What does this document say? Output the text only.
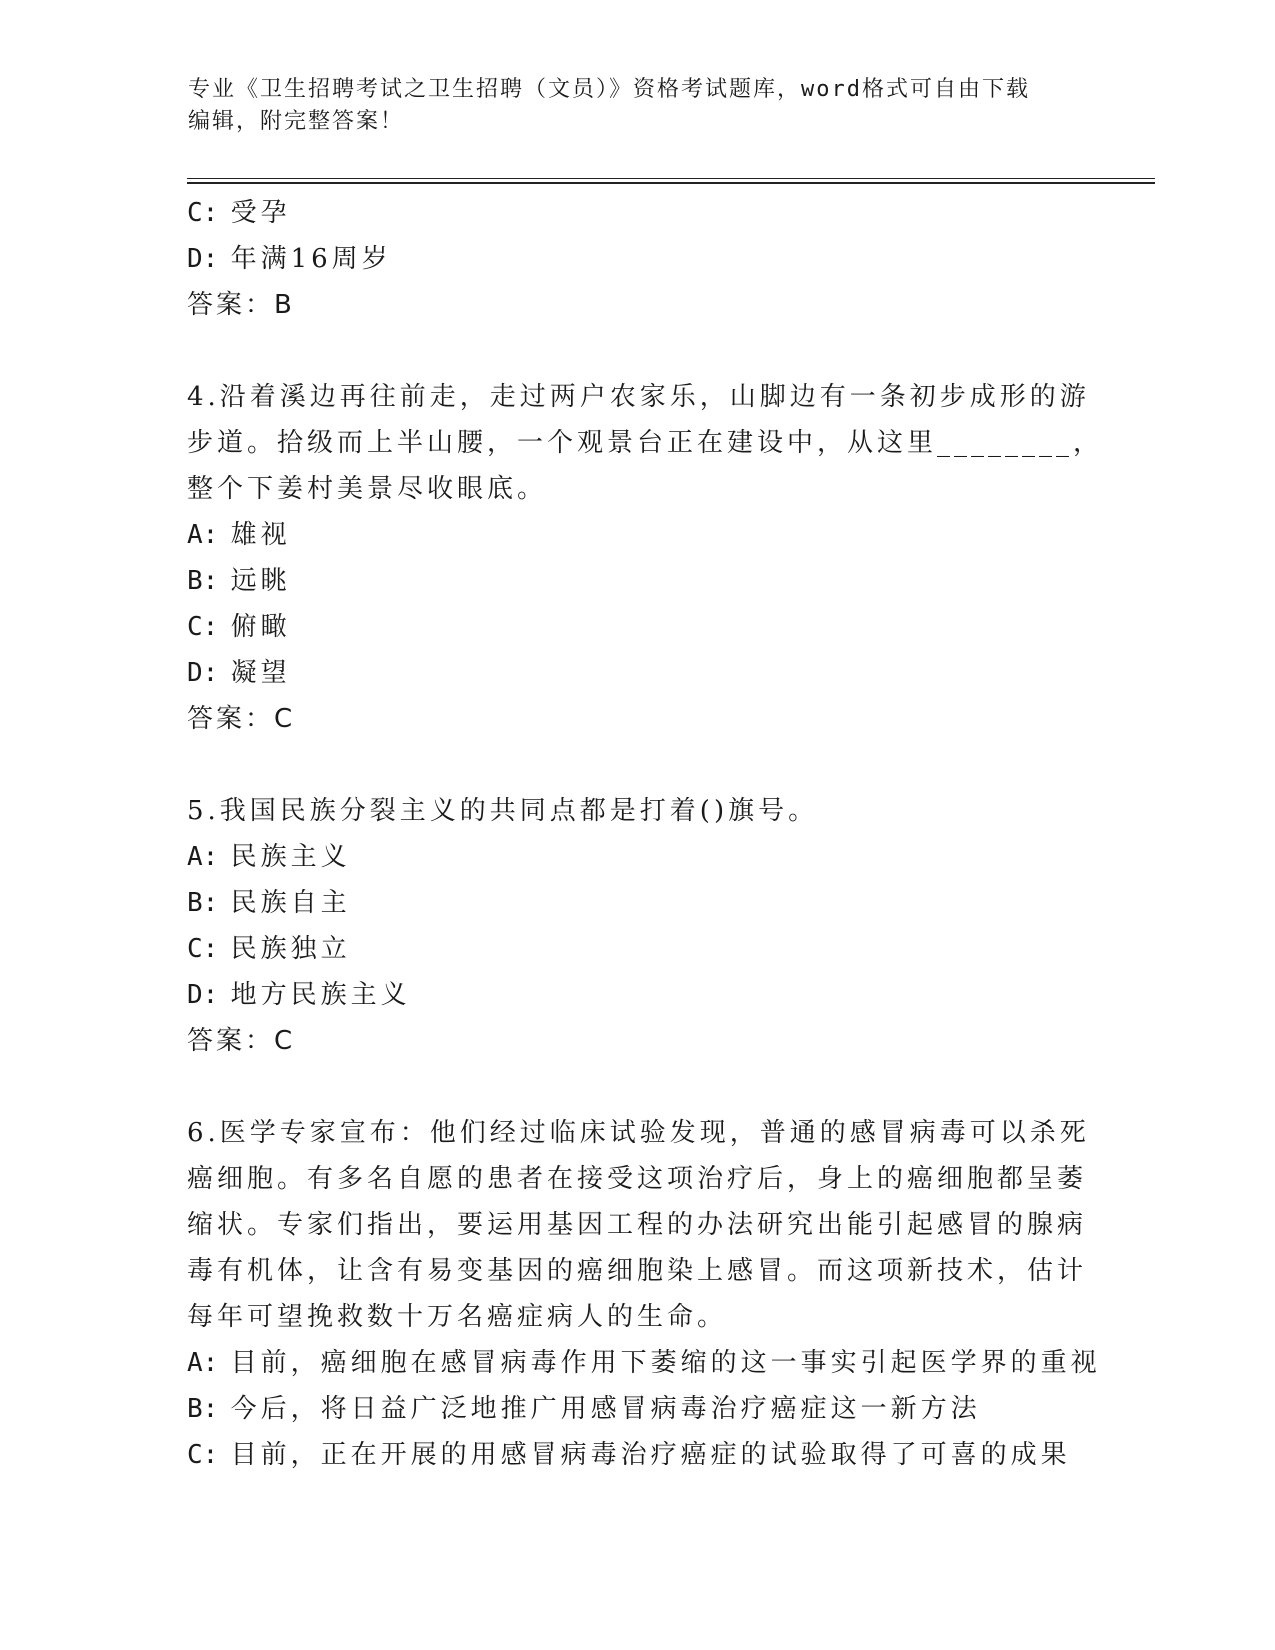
专业《卫生招聘考试之卫生招聘（文员）》资格考试题库，word格式可自由下载
编辑，附完整答案！
C: 受孕
D: 年满16周岁
答案：B
4.沿着溪边再往前走，走过两户农家乐，山脚边有一条初步成形的游
步道。拾级而上半山腰，一个观景台正在建设中，从这里________，
整个下姜村美景尽收眼底。
A: 雄视
B: 远眺
C: 俯瞰
D: 凝望
答案：C
5.我国民族分裂主义的共同点都是打着()旗号。
A: 民族主义
B: 民族自主
C: 民族独立
D: 地方民族主义
答案：C
6.医学专家宣布：他们经过临床试验发现，普通的感冒病毒可以杀死
癌细胞。有多名自愿的患者在接受这项治疗后，身上的癌细胞都呈萎
缩状。专家们指出，要运用基因工程的办法研究出能引起感冒的腺病
毒有机体，让含有易变基因的癌细胞染上感冒。而这项新技术，估计
每年可望挽救数十万名癌症病人的生命。
A: 目前，癌细胞在感冒病毒作用下萎缩的这一事实引起医学界的重视
B: 今后，将日益广泛地推广用感冒病毒治疗癌症这一新方法
C: 目前，正在开展的用感冒病毒治疗癌症的试验取得了可喜的成果
